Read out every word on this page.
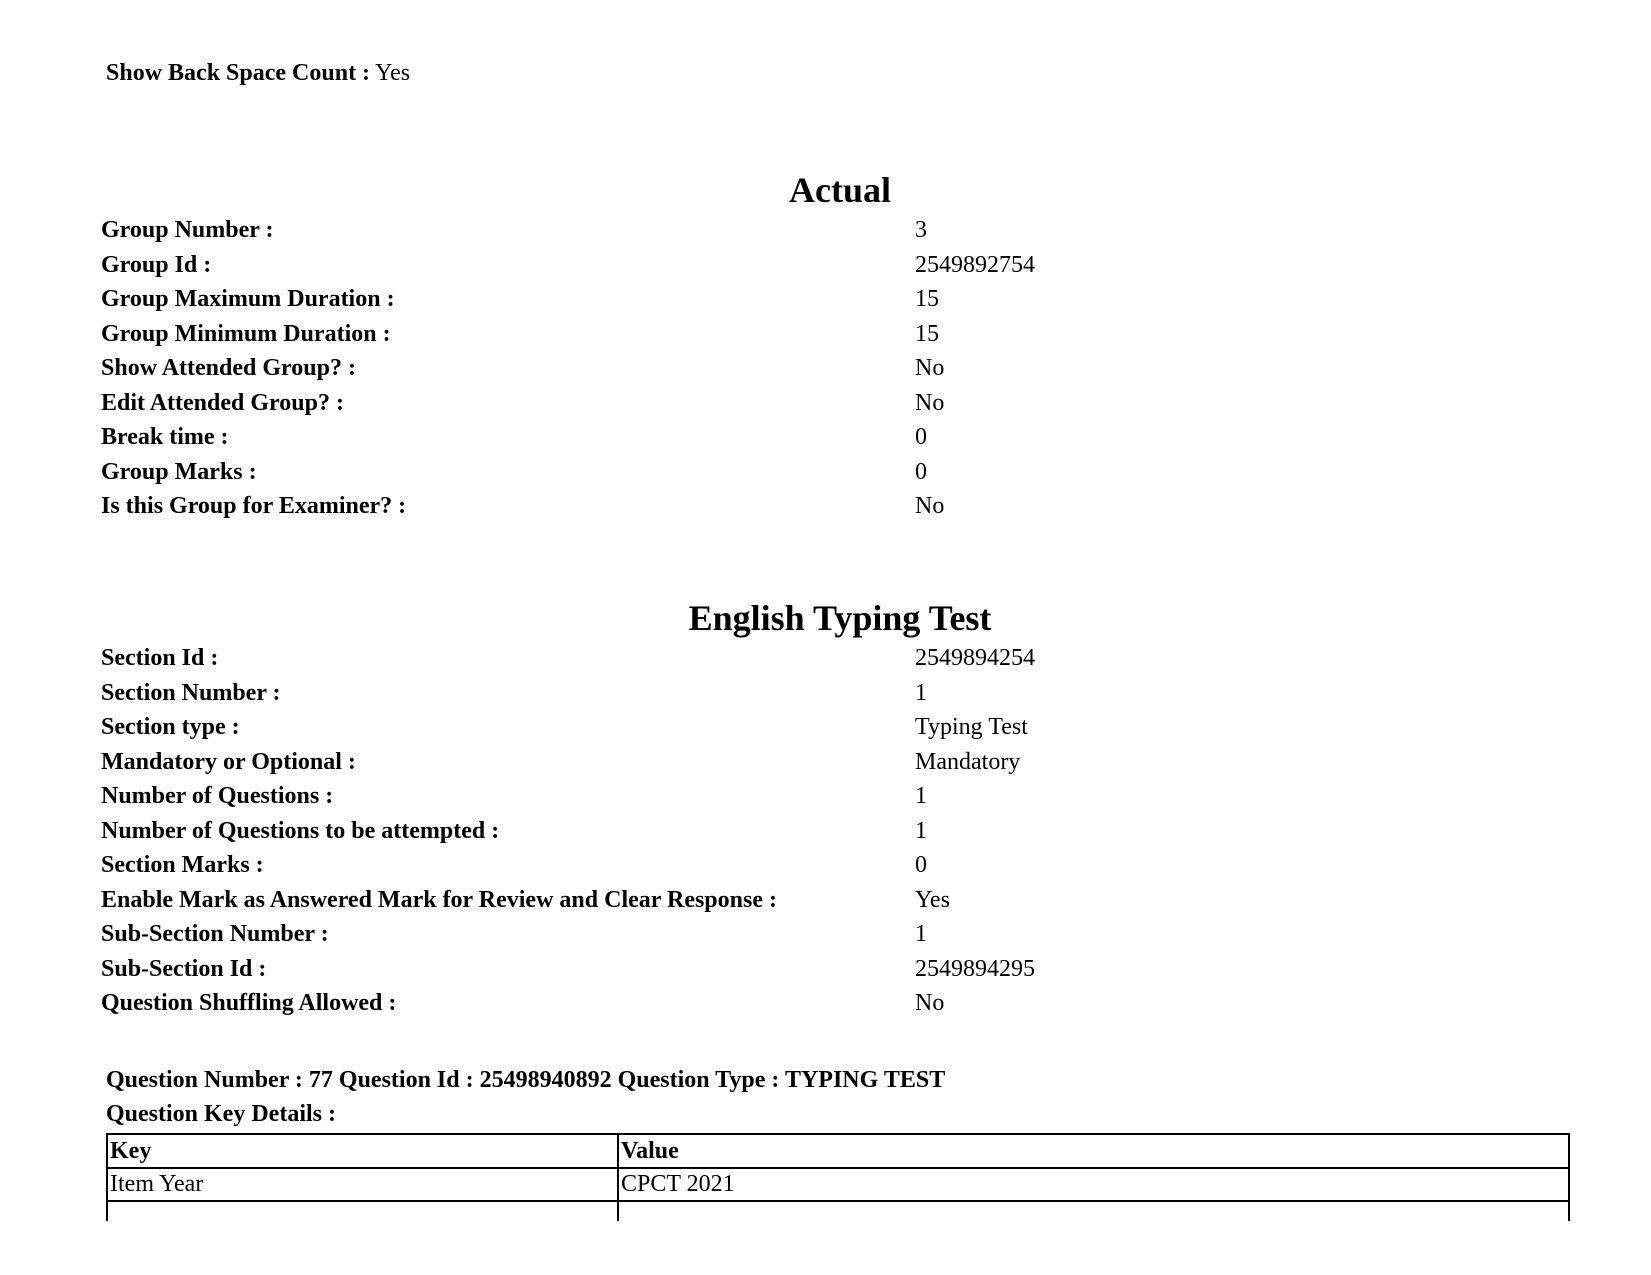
Show Back Space Count : Yes
Actual
Group Number :	3
Group Id :	2549892754
Group Maximum Duration :	15
Group Minimum Duration :	15
Show Attended Group? :	No
Edit Attended Group? :	No
Break time :	0
Group Marks :	0
Is this Group for Examiner? :	No
English Typing Test
Section Id :	2549894254
Section Number :	1
Section type :	Typing Test
Mandatory or Optional :	Mandatory
Number of Questions :	1
Number of Questions to be attempted :	1
Section Marks :	0
Enable Mark as Answered Mark for Review and Clear Response :	Yes
Sub-Section Number :	1
Sub-Section Id :	2549894295
Question Shuffling Allowed :	No
Question Number : 77 Question Id : 25498940892 Question Type : TYPING TEST
Question Key Details :
Key	Value
Item Year	CPCT 2021
